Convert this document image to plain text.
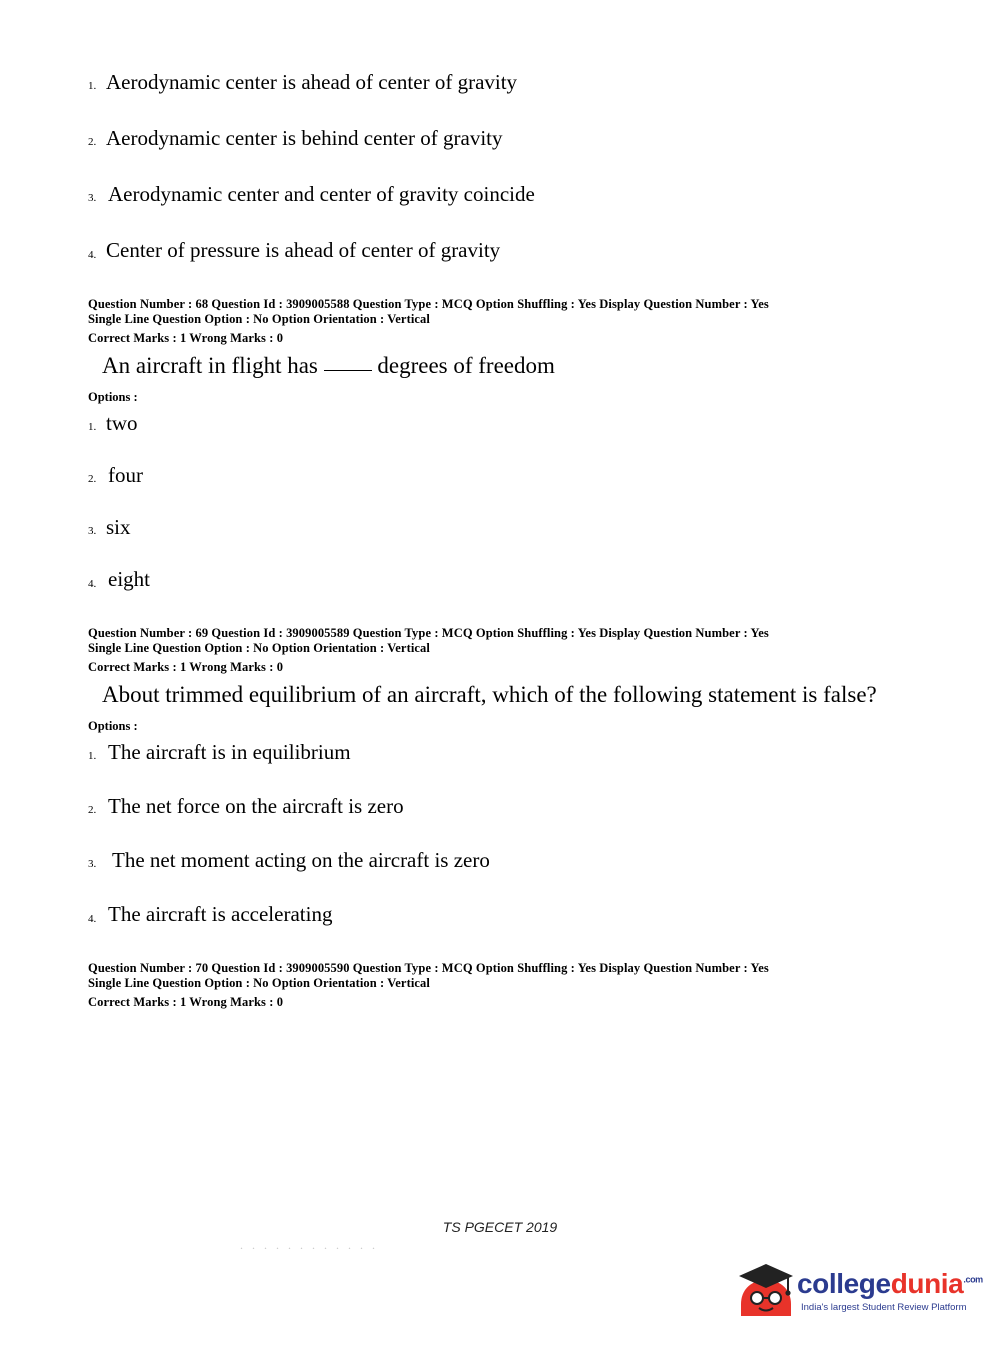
1. Aerodynamic center is ahead of center of gravity
2. Aerodynamic center is behind center of gravity
3. Aerodynamic center and center of gravity coincide
4. Center of pressure is ahead of center of gravity
Question Number : 68 Question Id : 3909005588 Question Type : MCQ Option Shuffling : Yes Display Question Number : Yes
Single Line Question Option : No Option Orientation : Vertical
Correct Marks : 1 Wrong Marks : 0
An aircraft in flight has	degrees of freedom
Options :
1. two
2. four
3. six
4. eight
Question Number : 69 Question Id : 3909005589 Question Type : MCQ Option Shuffling : Yes Display Question Number : Yes
Single Line Question Option : No Option Orientation : Vertical
Correct Marks : 1 Wrong Marks : 0
About trimmed equilibrium of an aircraft, which of the following statement is false?
Options :
1. The aircraft is in equilibrium
2. The net force on the aircraft is zero
3. The net moment acting on the aircraft is zero
4. The aircraft is accelerating
Question Number : 70 Question Id : 3909005590 Question Type : MCQ Option Shuffling : Yes Display Question Number : Yes
Single Line Question Option : No Option Orientation : Vertical
Correct Marks : 1 Wrong Marks : 0
TS PGECET 2019
. . . . . . . . . . . .
collegedunia$^{.com}$
India's largest Student Review Platform
